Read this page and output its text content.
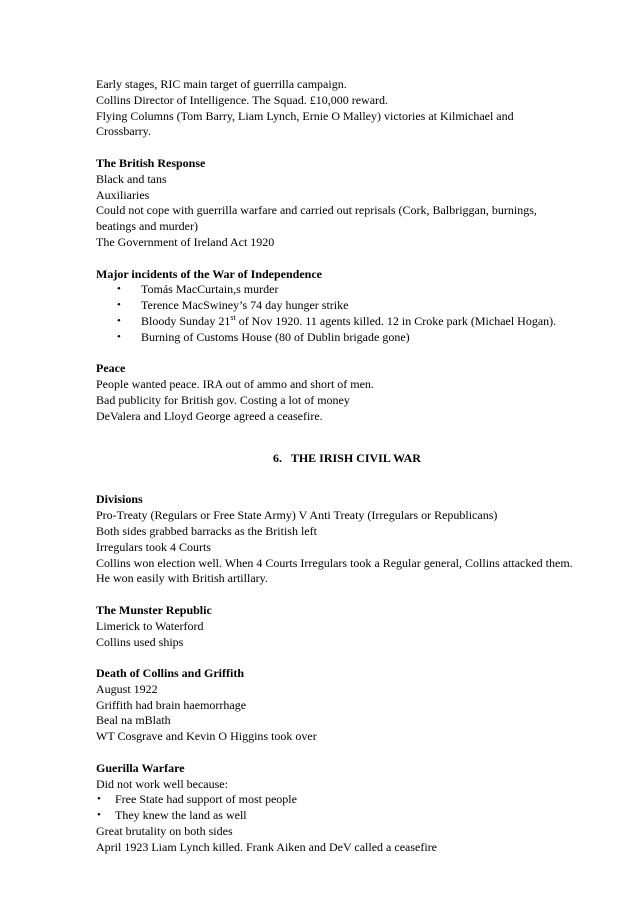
Early stages, RIC main target of guerrilla campaign.
Collins Director of Intelligence. The Squad. £10,000 reward.
Flying Columns (Tom Barry, Liam Lynch, Ernie O Malley) victories at Kilmichael and
Crossbarry.
The British Response
Black and tans
Auxiliaries
Could not cope with guerrilla warfare and carried out reprisals (Cork, Balbriggan, burnings,
beatings and murder)
The Government of Ireland Act 1920
Major incidents of the War of Independence
• Tomás MacCurtain,s murder
• Terence MacSwiney’s 74 day hunger strike
• Bloody Sunday 21st of Nov 1920. 11 agents killed. 12 in Croke park (Michael Hogan).
• Burning of Customs House (80 of Dublin brigade gone)
Peace
People wanted peace. IRA out of ammo and short of men.
Bad publicity for British gov. Costing a lot of money
DeValera and Lloyd George agreed a ceasefire.
6.   THE IRISH CIVIL WAR
Divisions
Pro-Treaty (Regulars or Free State Army) V Anti Treaty (Irregulars or Republicans)
Both sides grabbed barracks as the British left
Irregulars took 4 Courts
Collins won election well. When 4 Courts Irregulars took a Regular general, Collins attacked them.
He won easily with British artillary.
The Munster Republic
Limerick to Waterford
Collins used ships
Death of Collins and Griffith
August 1922
Griffith had brain haemorrhage
Beal na mBlath
WT Cosgrave and Kevin O Higgins took over
Guerilla Warfare
Did not work well because:
• Free State had support of most people
• They knew the land as well
Great brutality on both sides
April 1923 Liam Lynch killed. Frank Aiken and DeV called a ceasefire
